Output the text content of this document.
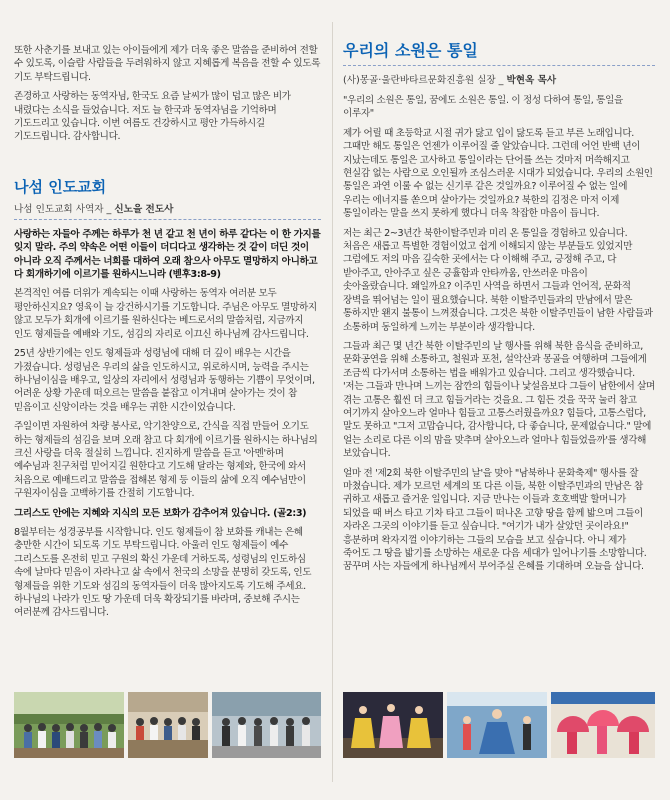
또한 사춘기를 보내고 있는 아이들에게 제가 더욱 좋은 말씀을 준비하여 전할 수 있도록, 이슬람 사람들을 두려워하지 않고 지혜롭게 복음을 전할 수 있도록 기도 부탁드립니다.

존경하고 사랑하는 동역자님, 한국도 요즘 날씨가 많이 덥고 많은 비가 내렸다는 소식을 들었습니다. 저도 늘 한국과 동역자님을 기억하며 기도드리고 있습니다. 이번 여름도 건강하시고 평안 가득하시길 기도드립니다. 감사합니다.

나섬 인도교회
나섬 인도교회 사역자 _ 신노을 전도사

사랑하는 자들아 주께는 하루가 천 년 같고 천 년이 하루 같다는 이 한 가지를 잊지 말라. 주의 약속은 어떤 이들이 더디다고 생각하는 것 같이 더딘 것이 아니라 오직 주께서는 너희를 대하여 오래 참으사 아무도 멸망하지 아니하고 다 회개하기에 이르기를 원하시느니라 (벧후3:8-9)

본격적인 여름 더위가 계속되는 이때 사랑하는 동역자 여러분 모두 평안하신지요? 영육이 늘 강건하시기를 기도합니다. 주님은 아무도 멸망하지 않고 모두가 회개에 이르기를 원하신다는 베드로서의 말씀처럼, 지금까지 인도 형제들을 예배와 기도, 섬김의 자리로 이끄신 하나님께 감사드립니다.

25년 상반기에는 인도 형제들과 성령님에 대해 더 깊이 배우는 시간을 가졌습니다. 성령님은 우리의 삶을 인도하시고, 위로하시며, 능력을 주시는 하나님이심을 배우고, 일상의 자리에서 성령님과 동행하는 기쁨이 무엇이며, 어려운 상황 가운데 떠오르는 말씀을 붙잡고 이겨내며 살아가는 것이 참 믿음이고 신앙이라는 것을 배우는 귀한 시간이었습니다.

주일이면 자원하여 차량 봉사로, 악기찬양으로, 간식을 직접 만들어 오기도 하는 형제들의 섬김을 보며 오래 참고 다 회개에 이르기를 원하시는 하나님의 크신 사랑을 더욱 절실히 느낍니다. 진지하게 말씀을 듣고 '아멘'하며 예수님과 친구처럼 믿어지길 원한다고 기도해 달라는 형제와, 한국에 와서 처음으로 예배드리고 말씀을 접해본 형제 등 이들의 삶에 오직 예수님만이 구원자이심을 고백하기를 간절히 기도합니다.

그리스도 안에는 지혜와 지식의 모든 보화가 감추어져 있습니다. (골2:3)

8월부터는 성경공부를 시작합니다. 인도 형제들이 참 보화를 캐내는 은혜 충만한 시간이 되도록 기도 부탁드립니다. 아울러 인도 형제들이 예수 그리스도를 온전히 믿고 구원의 확신 가운데 거하도록, 성령님의 인도하심 속에 날마다 믿음이 자라나고 삶 속에서 천국의 소망을 분명히 갖도록, 인도 형제들을 위한 기도와 섬김의 동역자들이 더욱 많아지도록 기도해 주세요. 하나님의 나라가 인도 땅 가운데 더욱 확장되기를 바라며, 중보해 주시는 여러분께 감사드립니다.

우리의 소원은 통일
(사)몽골·울란바타르문화진흥원 실장 _ 박현옥 목사

"우리의 소원은 통일, 꿈에도 소원은 통일. 이 정성 다하여 통일, 통일을 이루자"

제가 어릴 때 초등학교 시절 귀가 닳고 입이 닳도록 듣고 부른 노래입니다. 그때만 해도 통일은 언젠가 이루어질 줄 알았습니다. 그런데 어언 반백 년이 지났는데도 통일은 고사하고 통일이라는 단어를 쓰는 것마저 머쓱해지고 현실감 없는 사람으로 오인될까 조심스러운 시대가 되었습니다. 우리의 소원인 통일은 과연 이룰 수 없는 신기루 같은 것일까요? 이루어질 수 없는 일에 우리는 에너지를 쏟으며 살아가는 것일까요? 북한의 김정은 마저 이제 통일이라는 말을 쓰지 못하게 했다니 더욱 착잡한 마음이 듭니다.

저는 최근 2~3년간 북한이탈주민과 미리 온 통일을 경험하고 있습니다. 처음은 새롭고 특별한 경험이었고 쉽게 이해되지 않는 부분들도 있었지만 그럼에도 저의 마음 깊숙한 곳에서는 다 이해해 주고, 긍정해 주고, 다 받아주고, 안아주고 싶은 긍휼함과 안타까움, 안쓰러운 마음이 솟아올랐습니다. 왜일까요? 이주민 사역을 하면서 그들과 언어적, 문화적 장벽을 뛰어넘는 일이 필요했습니다. 북한 이탈주민들과의 만남에서 말은 통하지만 왠지 불통이 느껴졌습니다. 그것은 북한 이탈주민들이 남한 사람들과 소통하며 동일하게 느끼는 부분이라 생각합니다.

그들과 최근 몇 년간 북한 이탈주민의 날 행사를 위해 북한 음식을 준비하고, 문화공연을 위해 소통하고, 철원과 포천, 설악산과 몽골을 여행하며 그들에게 조금씩 다가서며 소통하는 법을 배워가고 있습니다. 그리고 생각했습니다. '저는 그들과 만나며 느끼는 잠깐의 힘들이나 낯설음보다 그들이 남한에서 살며 겪는 고통은 훨씬 더 크고 힘들거라는 것을요. 그 힘든 것을 꾹꾹 눌러 참고 여기까지 살아오느라 얼마나 힘들고 고통스러웠을까요? 힘들다, 고통스럽다, 말도 못하고 "그저 고맙습니다, 감사합니다, 다 좋습니다, 문제없습니다." 말에 얼는 소리로 다른 이의 맘을 맞추며 살아오느라 얼마나 힘들었을까'를 생각해 보았습니다.

얼마 전 '제2회 북한 이탈주민의 날'을 맞아 "남북하나 문화축제" 행사를 잘 마쳤습니다. 제가 모르던 세계의 또 다른 이들, 북한 이탈주민과의 만남은 참 귀하고 새롭고 즐거운 일입니다. 지금 만나는 이들과 호호백발 할머니가 되었을 때 버스 타고 기차 타고 그들이 떠나온 고향 땅을 함께 밟으며 그들이 자라온 그곳의 이야기를 듣고 싶습니다. "여기가 내가 살았던 곳이라요!" 흥분하며 왁자지껄 이야기하는 그들의 모습을 보고 싶습니다. 아니 제가 죽어도 그 땅을 밟기를 소망하는 새로운 다음 세대가 일어나기를 소망합니다. 꿈꾸며 사는 자들에게 하나님께서 부어주실 은혜를 기대하며 오늘을 삽니다.
